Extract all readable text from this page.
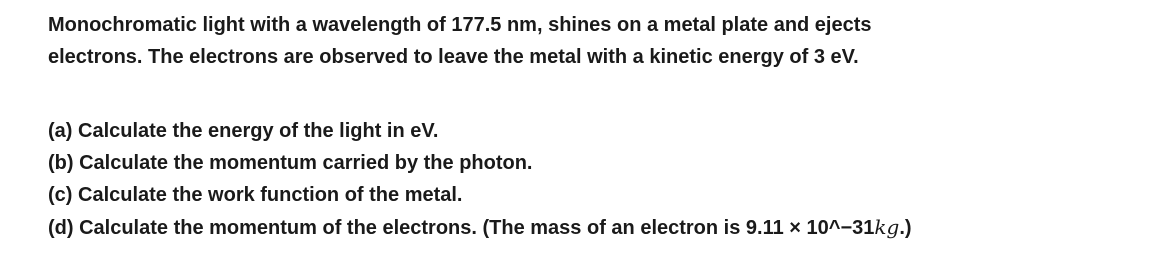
Monochromatic light with a wavelength of 177.5 nm, shines on a metal plate and ejects
electrons. The electrons are observed to leave the metal with a kinetic energy of 3 eV.
(a) Calculate the energy of the light in eV.
(b) Calculate the momentum carried by the photon.
(c) Calculate the work function of the metal.
(d) Calculate the momentum of the electrons. (The mass of an electron is 9.11 × 10^−31kg.)
